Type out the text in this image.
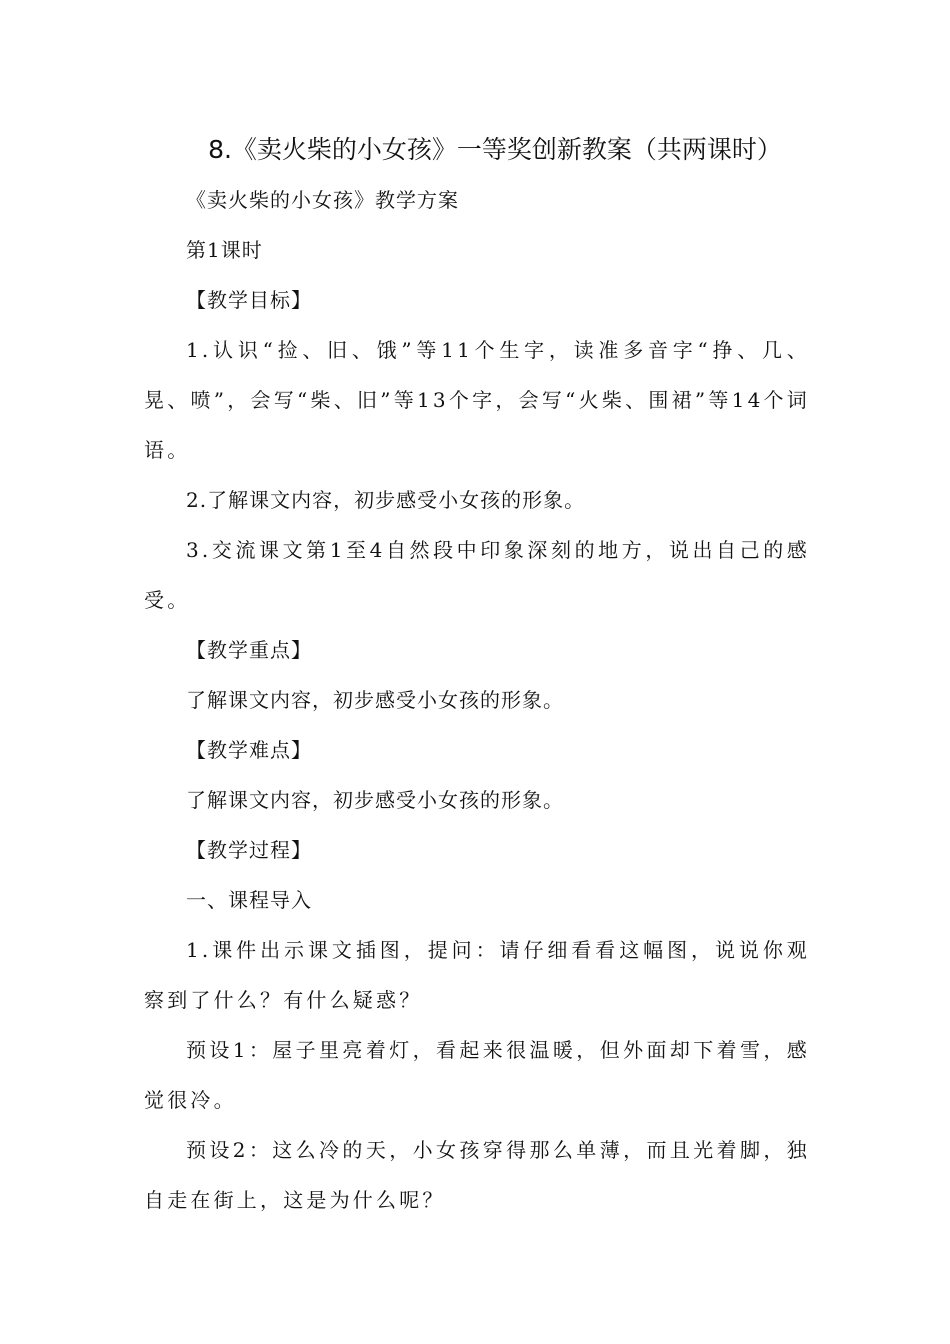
8.《卖火柴的小女孩》一等奖创新教案（共两课时）

《卖火柴的小女孩》教学方案

第1课时

【教学目标】

1.认识“捡、旧、饿”等11个生字，读准多音字“挣、几、晃、喷”，会写“柴、旧”等13个字，会写“火柴、围裙”等14个词语。

2.了解课文内容，初步感受小女孩的形象。

3.交流课文第1至4自然段中印象深刻的地方，说出自己的感受。

【教学重点】

了解课文内容，初步感受小女孩的形象。

【教学难点】

了解课文内容，初步感受小女孩的形象。

【教学过程】

一、课程导入

1.课件出示课文插图，提问：请仔细看看这幅图，说说你观察到了什么？有什么疑惑？

预设1：屋子里亮着灯，看起来很温暖，但外面却下着雪，感觉很冷。

预设2：这么冷的天，小女孩穿得那么单薄，而且光着脚，独自走在街上，这是为什么呢？
